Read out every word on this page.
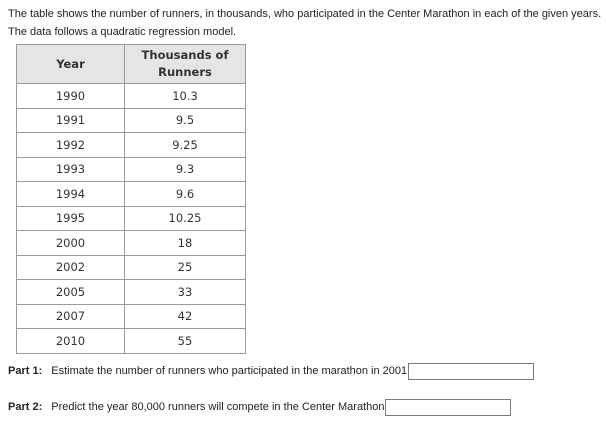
The table shows the number of runners, in thousands, who participated in the Center Marathon in each of the given years.
The data follows a quadratic regression model.
Year	Thousands of
Runners
1990	10.3
1991	9.5
1992	9.25
1993	9.3
1994	9.6
1995	10.25
2000	18
2002	25
2005	33
2007	42
2010	55
Part 1: Estimate the number of runners who participated in the marathon in 2001
Part 2: Predict the year 80,000 runners will compete in the Center Marathon
